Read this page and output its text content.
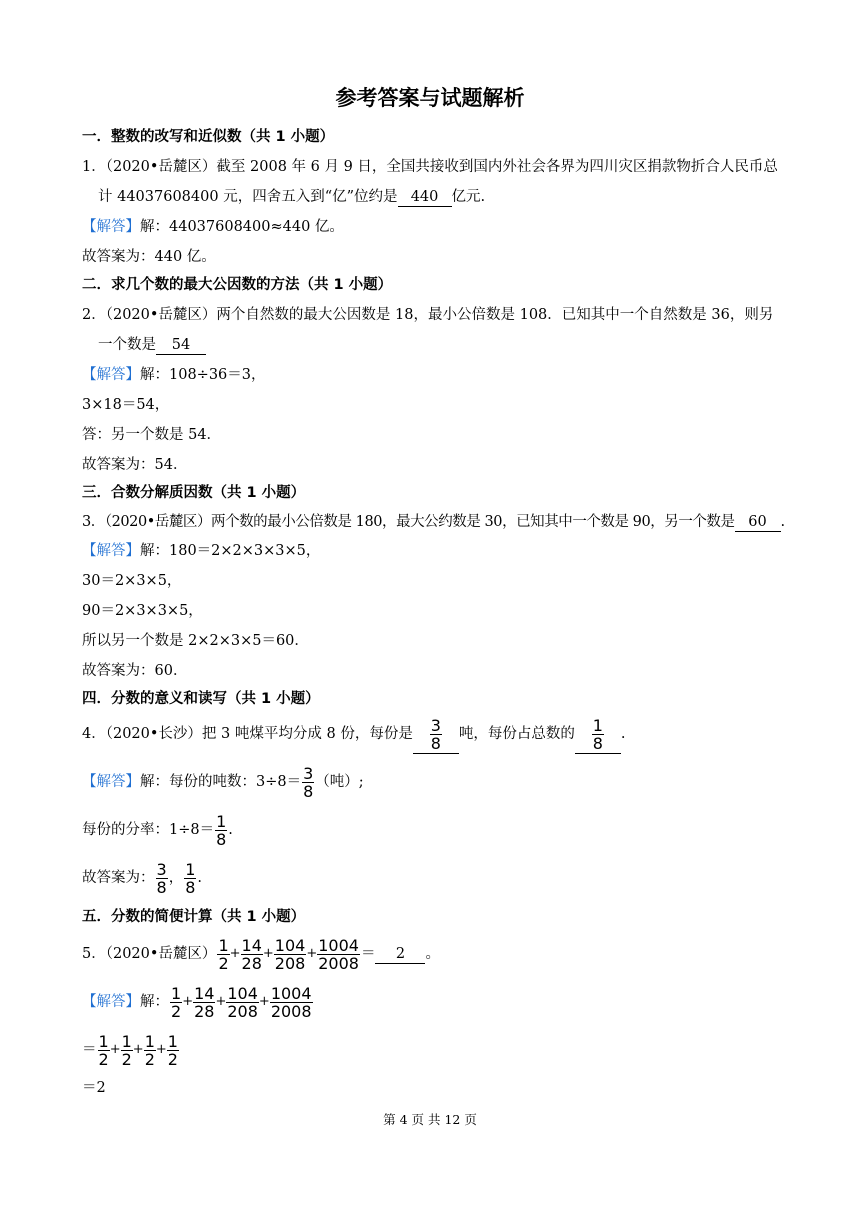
参考答案与试题解析
一．整数的改写和近似数（共 1 小题）
1．（2020•岳麓区）截至 2008 年 6 月 9 日，全国共接收到国内外社会各界为四川灾区捐款物折合人民币总
计 44037608400 元，四舍五入到“亿”位约是 440 亿元.
【解答】解：44037608400≈440 亿。
故答案为：440 亿。
二．求几个数的最大公因数的方法（共 1 小题）
2．（2020•岳麓区）两个自然数的最大公因数是 18，最小公倍数是 108．已知其中一个自然数是 36，则另
一个数是 54
【解答】解：108÷36＝3，
3×18＝54，
答：另一个数是 54．
故答案为：54．
三．合数分解质因数（共 1 小题）
3．（2020•岳麓区）两个数的最小公倍数是 180，最大公约数是 30，已知其中一个数是 90，另一个数是 60 .
【解答】解：180＝2×2×3×3×5，
30＝2×3×5，
90＝2×3×3×5，
所以另一个数是 2×2×3×5＝60．
故答案为：60．
四．分数的意义和读写（共 1 小题）
4．（2020•长沙）把 3 吨煤平均分成 8 份，每份是 $\frac{3}{8}$ 吨，每份占总数的 $\frac{1}{8}$ .
【解答】解：每份的吨数：$3\div 8= \frac{3}{8}$ （吨）;
每份的分率：$1\div 8= \frac{1}{8}$ .
故答案为： $\frac{3}{8}$ ， $\frac{1}{8}$ .
五．分数的简便计算（共 1 小题）
5．（2020•岳麓区） $\frac{1}{2} + \frac{14}{28} + \frac{104}{208} + \frac{1004}{2008} = 2$ 。
【解答】解： $\frac{1}{2} + \frac{14}{28} + \frac{104}{208} + \frac{1004}{2008}$
＝ $\frac{1}{2} + \frac{1}{2} + \frac{1}{2} + \frac{1}{2}$
＝2
第 4 页 共 12 页
